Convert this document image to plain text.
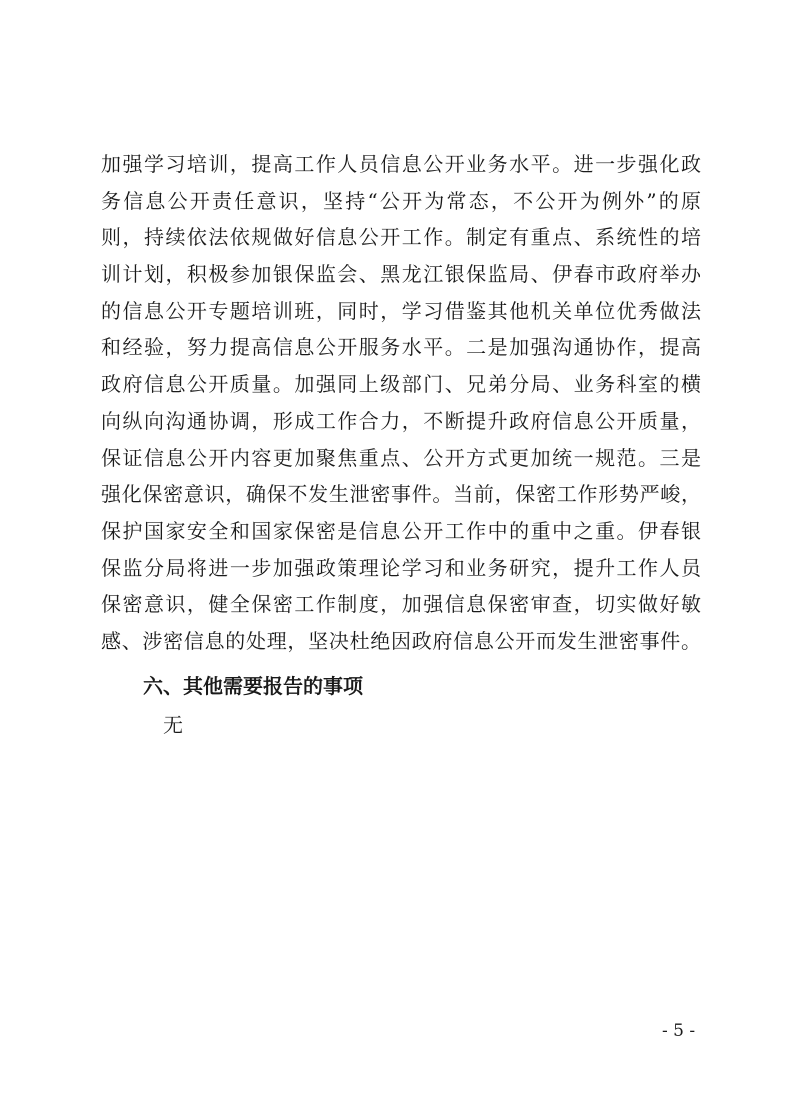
加强学习培训，提高工作人员信息公开业务水平。进一步强化政
务信息公开责任意识，坚持“公开为常态，不公开为例外”的原
则，持续依法依规做好信息公开工作。制定有重点、系统性的培
训计划，积极参加银保监会、黑龙江银保监局、伊春市政府举办
的信息公开专题培训班，同时，学习借鉴其他机关单位优秀做法
和经验，努力提高信息公开服务水平。二是加强沟通协作，提高
政府信息公开质量。加强同上级部门、兄弟分局、业务科室的横
向纵向沟通协调，形成工作合力，不断提升政府信息公开质量，
保证信息公开内容更加聚焦重点、公开方式更加统一规范。三是
强化保密意识，确保不发生泄密事件。当前，保密工作形势严峻，
保护国家安全和国家保密是信息公开工作中的重中之重。伊春银
保监分局将进一步加强政策理论学习和业务研究，提升工作人员
保密意识，健全保密工作制度，加强信息保密审查，切实做好敏
感、涉密信息的处理，坚决杜绝因政府信息公开而发生泄密事件。
六、其他需要报告的事项
无
- 5 -
